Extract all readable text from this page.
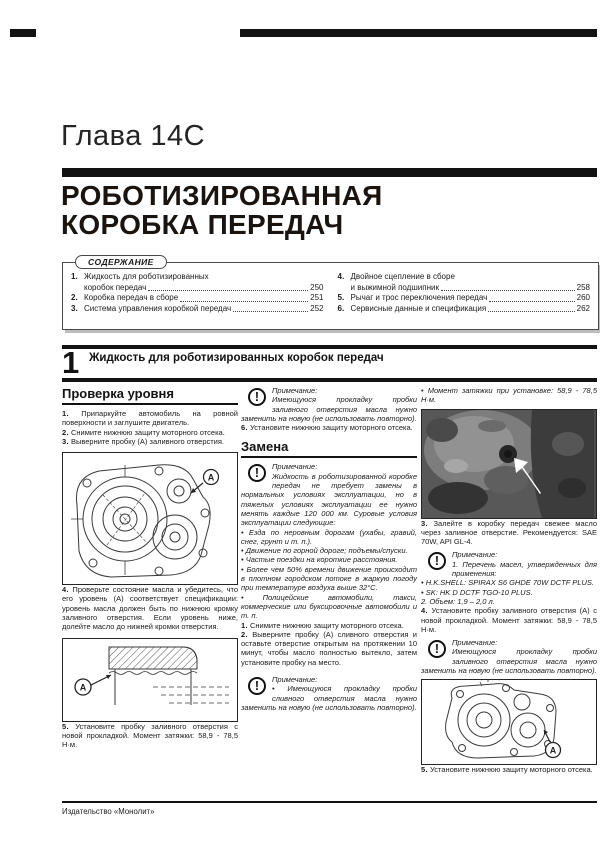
Глава 14С
РОБОТИЗИРОВАННАЯ
КОРОБКА ПЕРЕДАЧ
СОДЕРЖАНИЕ
1. Жидкость для роботизированных
коробок передач	250
2. Коробка передач в сборе	251
3. Система управления коробкой передач	252
4. Двойное сцепление в сборе
и выжимной подшипник	258
5. Рычаг и трос переключения передач	260
6. Сервисные данные и спецификация	262
1 Жидкость для роботизированных коробок передач
Проверка уровня

1. Припаркуйте автомобиль на ровной поверхности и заглушите двигатель.

2. Снимите нижнюю защиту моторного отсека.

3. Выверните пробку (А) заливного отверстия.

А

4. Проверьте состояние масла и убедитесь, что его уровень (А) соответствует спецификации: уровень масла должен быть по нижнюю кромку заливного отверстия. Если уровень ниже, долейте масло до нижней кромки отверстия.

А

5. Установите пробку заливного отверстия с новой прокладкой. Момент затяжки: 58,9 - 78,5 Н·м.

!	Примечание:

Имеющуюся прокладку пробки заливного отверстия масла нужно заменить на новую (не использовать повторно).

6. Установите нижнюю защиту моторного отсека.

Замена
!	Примечание:

Жидкость в роботизированной коробке передач не требует замены в нормальных условиях эксплуатации, но в тяжелых условиях эксплуатации ее нужно менять каждые 120 000 км. Суровые условия эксплуатации следующие:

• Езда по неровным дорогам (ухабы, гравий, снег, грунт и т. п.).

• Движение по горной дороге; подъемы/спуски.

• Частые поездки на короткие расстояния.

• Более чем 50% времени движение происходит в плотном городском потоке в жаркую погоду при температуре воздуха выше 32°С.

• Полицейские автомобили, такси, коммерческие или буксировочные автомобили и т. п.

1. Снимите нижнюю защиту моторного отсека.

2. Выверните пробку (А) сливного отверстия и оставьте отверстие открытым на протяжении 10 минут, чтобы масло полностью вытекло, затем установите пробку на место.

!	Примечание:

• Имеющуюся прокладку пробки сливного отверстия масла нужно заменить на новую (не использовать повторно).

• Момент затяжки при установке: 58,9 - 78,5 Н·м.

3. Залейте в коробку передач свежее масло через заливное отверстие. Рекомендуется: SAE 70W, API GL-4.

!	Примечание:

1. Перечень масел, утвержденных для применения:

• H.K.SHELL: SPIRAX S6 GHDE 70W DCTF PLUS.

• SK: HK D DCTF TGO-10 PLUS.

2. Объем: 1,9 – 2,0 л.

4. Установите пробку заливного отверстия (А) с новой прокладкой. Момент затяжки: 58,9 - 78,5 Н·м.

!	Примечание:

Имеющуюся прокладку пробки заливного отверстия масла нужно заменить на новую (не использовать повторно).

А

5. Установите нижнюю защиту моторного отсека.

Издательство «Монолит»
